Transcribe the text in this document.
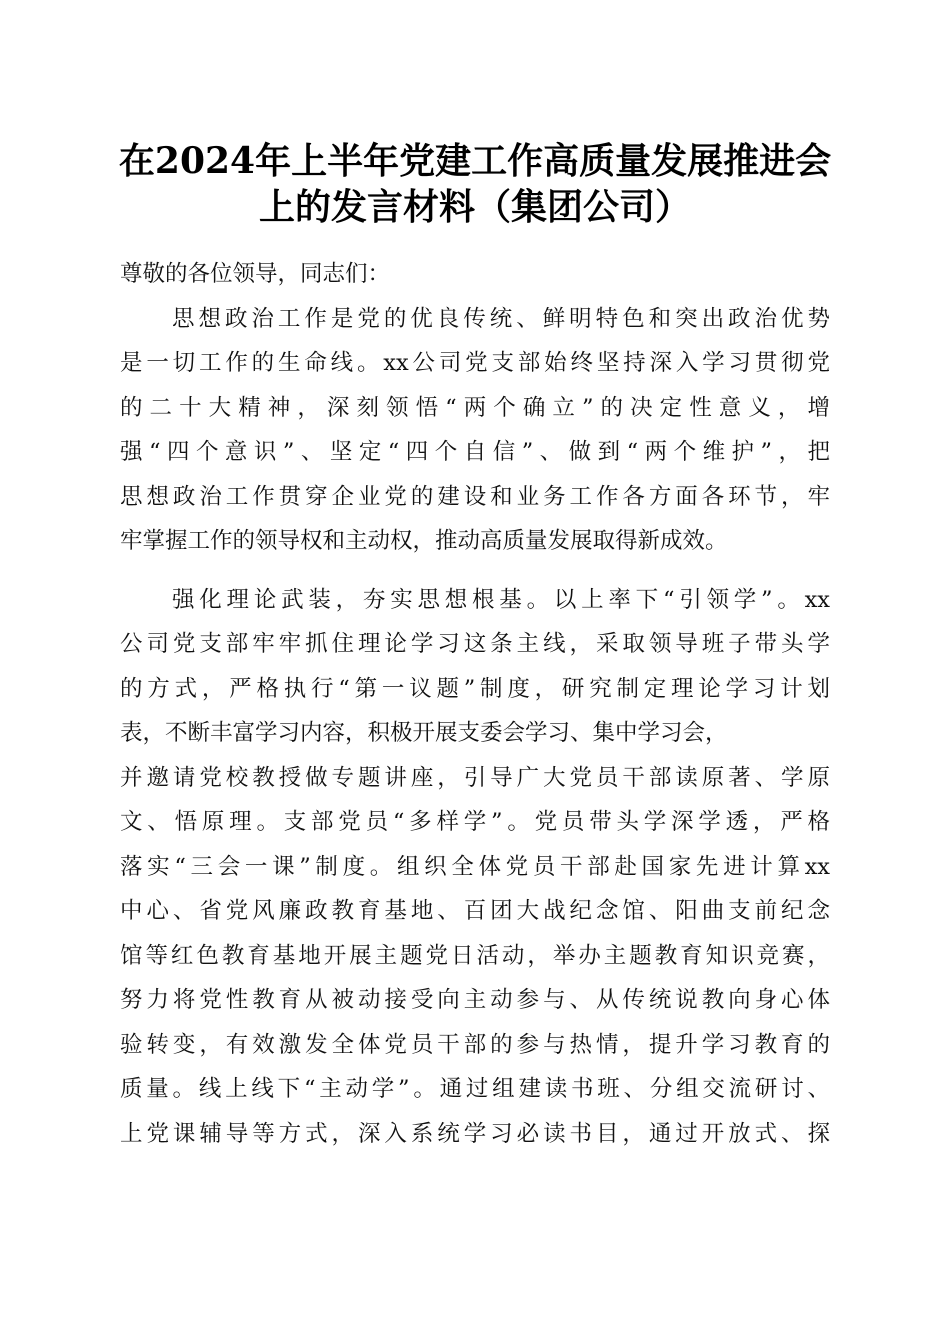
在2024年上半年党建工作高质量发展推进会
上的发言材料（集团公司）
尊敬的各位领导，同志们：
思想政治工作是党的优良传统、鲜明特色和突出政治优势
是一切工作的生命线。xx公司党支部始终坚持深入学习贯彻党
的二十大精神，深刻领悟“两个确立”的决定性意义，增
强“四个意识”、坚定“四个自信”、做到“两个维护”，把
思想政治工作贯穿企业党的建设和业务工作各方面各环节，牢
牢掌握工作的领导权和主动权，推动高质量发展取得新成效。
强化理论武装，夯实思想根基。以上率下“引领学”。xx
公司党支部牢牢抓住理论学习这条主线，采取领导班子带头学
的方式，严格执行“第一议题”制度，研究制定理论学习计划
表，不断丰富学习内容，积极开展支委会学习、集中学习会，
并邀请党校教授做专题讲座，引导广大党员干部读原著、学原
文、悟原理。支部党员“多样学”。党员带头学深学透，严格
落实“三会一课”制度。组织全体党员干部赴国家先进计算xx
中心、省党风廉政教育基地、百团大战纪念馆、阳曲支前纪念
馆等红色教育基地开展主题党日活动，举办主题教育知识竞赛，
努力将党性教育从被动接受向主动参与、从传统说教向身心体
验转变，有效激发全体党员干部的参与热情，提升学习教育的
质量。线上线下“主动学”。通过组建读书班、分组交流研讨、
上党课辅导等方式，深入系统学习必读书目，通过开放式、探
